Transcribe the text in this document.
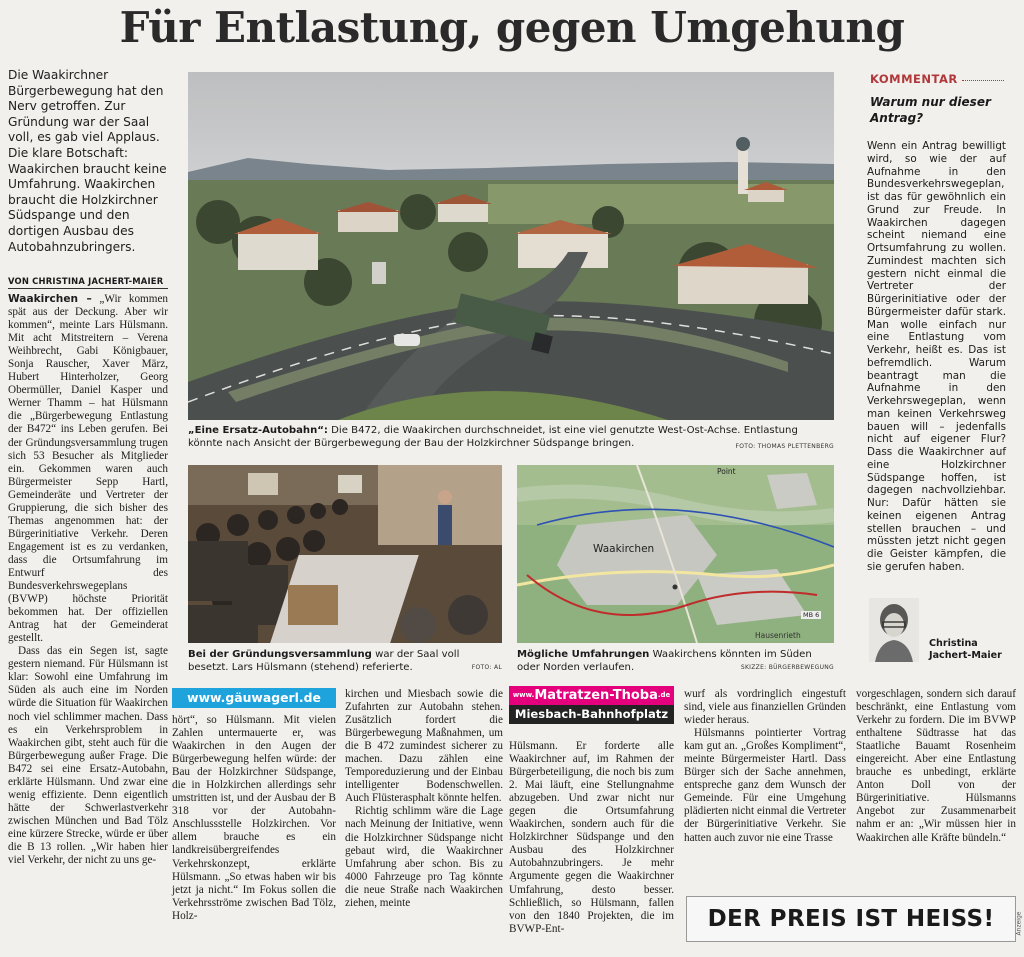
Für Entlastung, gegen Umgehung
Die Waakirchner Bürgerbewegung hat den Nerv getroffen. Zur Gründung war der Saal voll, es gab viel Applaus. Die klare Botschaft: Waakirchen braucht keine Umfahrung. Waakirchen braucht die Holzkirchner Südspange und den dortigen Ausbau des Autobahnzubringers.
VON CHRISTINA JACHERT-MAIER
Waakirchen – „Wir kommen spät aus der Deckung. Aber wir kommen“, meinte Lars Hülsmann. Mit acht Mitstreitern – Verena Weihbrecht, Gabi Königbauer, Sonja Rauscher, Xaver März, Hubert Hinterholzer, Georg Obermüller, Daniel Kasper und Werner Thamm – hat Hülsmann die „Bürgerbewegung Entlastung der B472“ ins Leben gerufen. Bei der Gründungsversammlung trugen sich 53 Besucher als Mitglieder ein. Gekommen waren auch Bürgermeister Sepp Hartl, Gemeinderäte und Vertreter der Gruppierung, die sich bisher des Themas angenommen hat: der Bürgerinitiative Verkehr. Deren Engagement ist es zu verdanken, dass die Ortsumfahrung im Entwurf des Bundesverkehrswegeplans (BVWP) höchste Priorität bekommen hat. Der offiziellen Antrag hat der Gemeinderat gestellt.
Dass das ein Segen ist, sagte gestern niemand. Für Hülsmann ist klar: Sowohl eine Umfahrung im Süden als auch eine im Norden würde die Situation für Waakirchen noch viel schlimmer machen. Dass es ein Verkehrsproblem in Waakirchen gibt, steht auch für die Bürgerbewegung außer Frage. Die B472 sei eine Ersatz-Autobahn, erklärte Hülsmann. Und zwar eine wenig effiziente. Denn eigentlich hätte der Schwerlastverkehr zwischen München und Bad Tölz eine kürzere Strecke, würde er über die B 13 rollen. „Wir haben hier viel Verkehr, der nicht zu uns ge-
„Eine Ersatz-Autobahn“: Die B472, die Waakirchen durchschneidet, ist eine viel genutzte West-Ost-Achse. Entlastung könnte nach Ansicht der Bürgerbewegung der Bau der Holzkirchner Südspange bringen.	FOTO: THOMAS PLETTENBERG
Bei der Gründungsversammlung war der Saal voll besetzt. Lars Hülsmann (stehend) referierte.	FOTO: AL
Waakirchen
Point
Hausenrieth
MB 6
Mögliche Umfahrungen Waakirchens könnten im Süden oder Norden verlaufen.	SKIZZE: BÜRGERBEWEGUNG
www.gäuwagerl.de	$^{www.}$Matratzen-Thoba$^{.de}$
Miesbach-Bahnhofplatz
hört“, so Hülsmann. Mit vielen Zahlen untermauerte er, was Waakirchen in den Augen der Bürgerbewegung helfen würde: der Bau der Holzkirchner Südspange, die in Holzkirchen allerdings sehr umstritten ist, und der Ausbau der B 318 vor der Autobahn-Anschlussstelle Holzkirchen. Vor allem brauche es ein landkreisübergreifendes Verkehrskonzept, erklärte Hülsmann. „So etwas haben wir bis jetzt ja nicht.“ Im Fokus sollen die Verkehrsströme zwischen Bad Tölz, Holz-
kirchen und Miesbach sowie die Zufahrten zur Autobahn stehen. Zusätzlich fordert die Bürgerbewegung Maßnahmen, um die B 472 zumindest sicherer zu machen. Dazu zählen eine Temporeduzierung und der Einbau intelligenter Bodenschwellen. Auch Flüsterasphalt könnte helfen.
Richtig schlimm wäre die Lage nach Meinung der Initiative, wenn die Holzkirchner Südspange nicht gebaut wird, die Waakirchner Umfahrung aber schon. Bis zu 4000 Fahrzeuge pro Tag könnte die neue Straße nach Waakirchen ziehen, meinte
Hülsmann. Er forderte alle Waakirchner auf, im Rahmen der Bürgerbeteiligung, die noch bis zum 2. Mai läuft, eine Stellungnahme abzugeben. Und zwar nicht nur gegen die Ortsumfahrung Waakirchen, sondern auch für die Holzkirchner Südspange und den Ausbau des Holzkirchner Autobahnzubringers. Je mehr Argumente gegen die Waakirchner Umfahrung, desto besser. Schließlich, so Hülsmann, fallen von den 1840 Projekten, die im BVWP-Ent-
wurf als vordringlich eingestuft sind, viele aus finanziellen Gründen wieder heraus.
Hülsmanns pointierter Vortrag kam gut an. „Großes Kompliment“, meinte Bürgermeister Hartl. Dass Bürger sich der Sache annehmen, entspreche ganz dem Wunsch der Gemeinde. Für eine Umgehung plädierten nicht einmal die Vertreter der Bürgerinitiative Verkehr. Sie hatten auch zuvor nie eine Trasse
vorgeschlagen, sondern sich darauf beschränkt, eine Entlastung vom Verkehr zu fordern. Die im BVWP enthaltene Südtrasse hat das Staatliche Bauamt Rosenheim eingereicht. Aber eine Entlastung brauche es unbedingt, erklärte Anton Doll von der Bürgerinitiative. Hülsmanns Angebot zur Zusammenarbeit nahm er an: „Wir müssen hier in Waakirchen alle Kräfte bündeln.“
KOMMENTAR
Warum nur dieser Antrag?
Wenn ein Antrag bewilligt wird, so wie der auf Aufnahme in den Bundesverkehrswegeplan, ist das für gewöhnlich ein Grund zur Freude. In Waakirchen dagegen scheint niemand eine Ortsumfahrung zu wollen. Zumindest machten sich gestern nicht einmal die Vertreter der Bürgerinitiative oder der Bürgermeister dafür stark. Man wolle einfach nur eine Entlastung vom Verkehr, heißt es. Das ist befremdlich. Warum beantragt man die Aufnahme in den Verkehrswegeplan, wenn man keinen Verkehrsweg bauen will – jedenfalls nicht auf eigener Flur? Dass die Waakirchner auf eine Holzkirchner Südspange hoffen, ist dagegen nachvollziehbar. Nur: Dafür hätten sie keinen eigenen Antrag stellen brauchen – und müssten jetzt nicht gegen die Geister kämpfen, die sie gerufen haben.
Christina
Jachert-Maier
DER PREIS IST HEISS!	Anzeige
